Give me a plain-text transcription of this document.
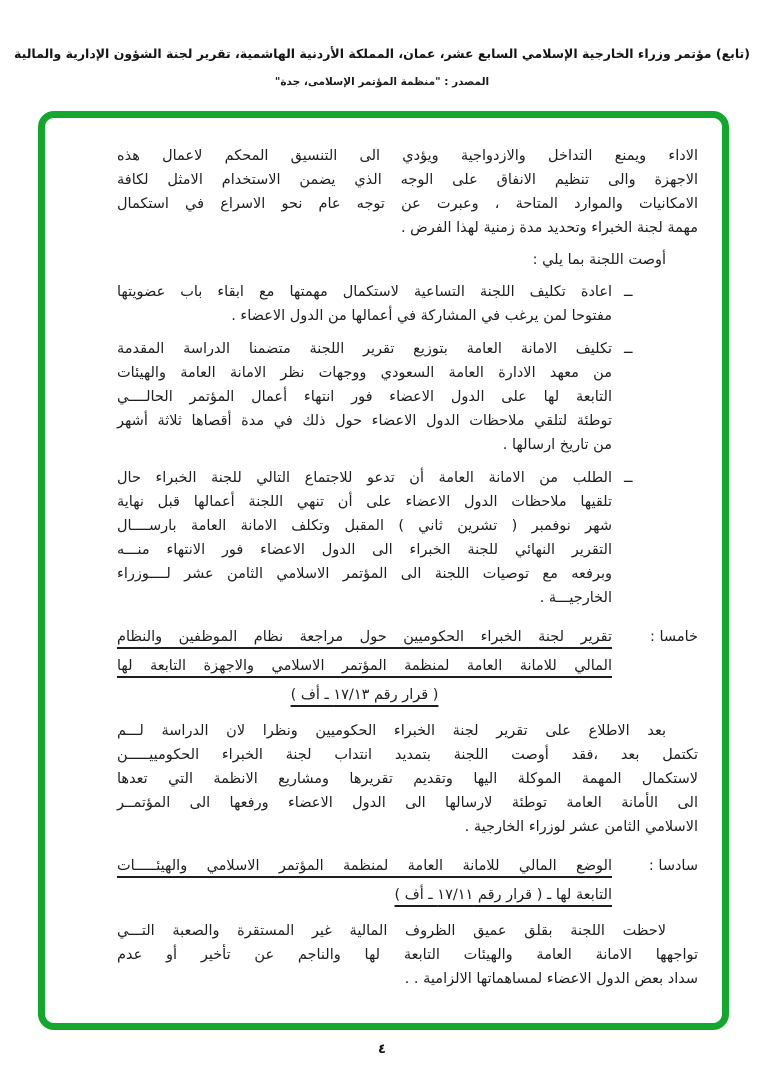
(تابع) مؤتمر وزراء الخارجية الإسلامي السابع عشر، عمان، المملكة الأردنية الهاشمية، تقرير لجنة الشؤون الإدارية والمالية
المصدر : "منظمة المؤتمر الإسلامى، جدة"
الاداء ويمنع التداخل والازدواجية ويؤدي الى التنسيق المحكم لاعمال هذه
الاجهزة والى تنظيم الانفاق على الوجه الذي يضمن الاستخدام الامثل لكافة
الامكانيات والموارد المتاحة ، وعبرت عن توجه عام نحو الاسراع في استكمال
مهمة لجنة الخبراء وتحديد مدة زمنية لهذا الفرض .
أوصت اللجنة بما يلي :
ــ
اعادة تكليف اللجنة التساعية لاستكمال مهمتها مع ابقاء باب عضويتها
مفتوحا لمن يرغب في المشاركة في أعمالها من الدول الاعضاء .
ــ
تكليف الامانة العامة بتوزيع تقرير اللجنة متضمنا الدراسة المقدمة
من معهد الادارة العامة السعودي ووجهات نظر الامانة العامة والهيئات
التابعة لها على الدول الاعضاء فور انتهاء أعمال المؤتمر الحالــــي
توطئة لتلقي ملاحظات الدول الاعضاء حول ذلك في مدة أقصاها ثلاثة أشهر
من تاريخ ارسالها .
ــ
الطلب من الامانة العامة أن تدعو للاجتماع التالي للجنة الخبراء حال
تلقيها ملاحظات الدول الاعضاء على أن تنهي اللجنة أعمالها قبل نهاية
شهر نوفمبر ( تشرين ثاني ) المقبل وتكلف الامانة العامة بارســــال
التقرير النهائي للجنة الخبراء الى الدول الاعضاء فور الانتهاء منـــه
وبرفعه مع توصيات اللجنة الى المؤتمر الاسلامي الثامن عشر لــــوزراء
الخارجيـــة .
خامسا :
تقرير لجنة الخبراء الحكوميين حول مراجعة نظام الموظفين والنظام
المالي للامانة العامة لمنظمة المؤتمر الاسلامي والاجهزة التابعة لها
( قرار رقم ١٧/١٣ ـ أف )
بعد الاطلاع على تقرير لجنة الخبراء الحكوميين ونظرا لان الدراسة لـــم
تكتمل بعد ،فقد أوصت اللجنة بتمديد انتداب لجنة الخبراء الحكومييـــــن
لاستكمال المهمة الموكلة اليها وتقديم تقريرها ومشاريع الانظمة التي تعدها
الى الأمانة العامة توطئة لارسالها الى الدول الاعضاء ورفعها الى المؤتمــر
الاسلامي الثامن عشر لوزراء الخارجية .
سادسا :
الوضع المالي للامانة العامة لمنظمة المؤتمر الاسلامي والهيئـــــات
التابعة لها ـ ( قرار رقم ١٧/١١ ـ أف )
لاحظت اللجنة بقلق عميق الظروف المالية غير المستقرة والصعبة التـــي
تواجهها الامانة العامة والهيئات التابعة لها والناجم عن تأخير أو عدم
سداد بعض الدول الاعضاء لمساهماتها الالزامية . .
٤
